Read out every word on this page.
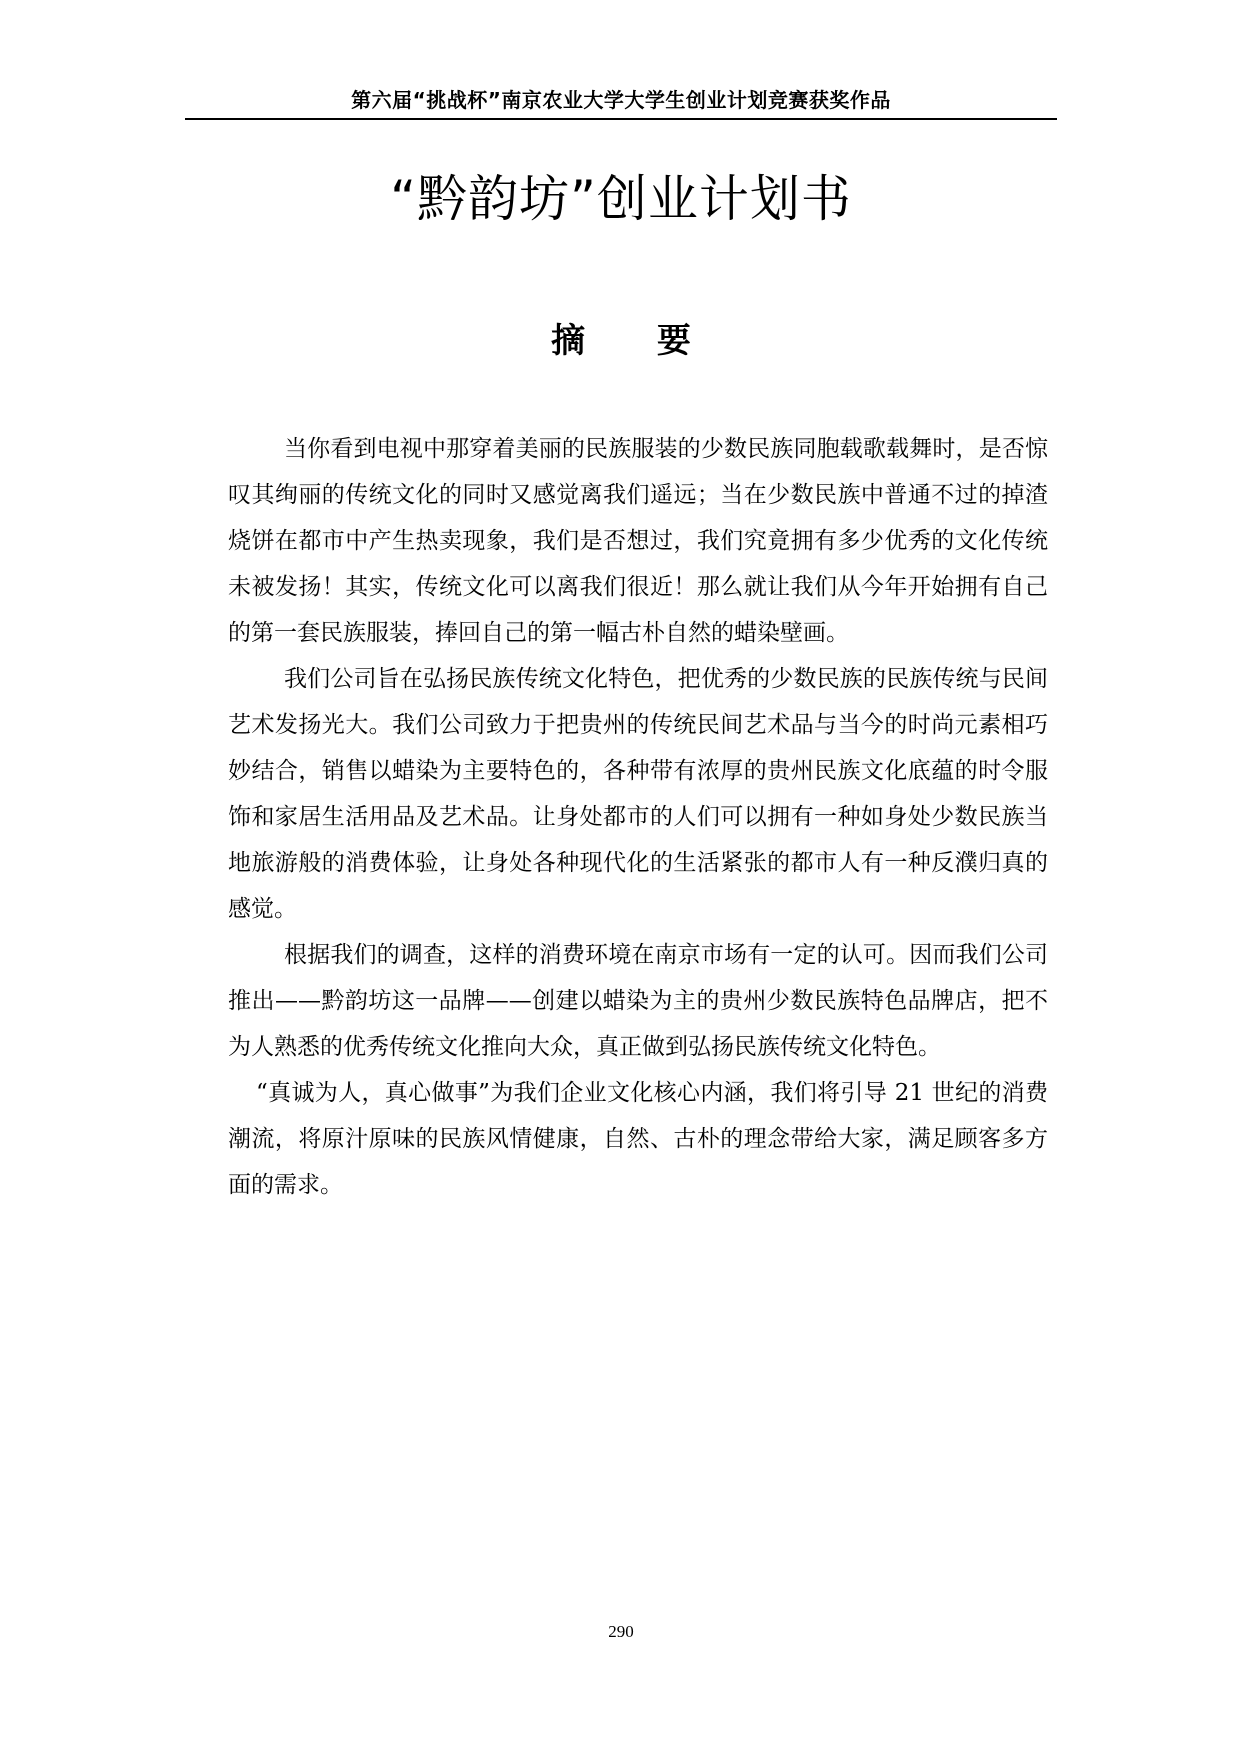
第六届“挑战杯”南京农业大学大学生创业计划竞赛获奖作品
“黔韵坊”创业计划书
摘 要

当你看到电视中那穿着美丽的民族服装的少数民族同胞载歌载舞时，是否惊叹其绚丽的传统文化的同时又感觉离我们遥远；当在少数民族中普通不过的掉渣烧饼在都市中产生热卖现象，我们是否想过，我们究竟拥有多少优秀的文化传统未被发扬！其实，传统文化可以离我们很近！那么就让我们从今年开始拥有自己的第一套民族服装，捧回自己的第一幅古朴自然的蜡染壁画。

我们公司旨在弘扬民族传统文化特色，把优秀的少数民族的民族传统与民间艺术发扬光大。我们公司致力于把贵州的传统民间艺术品与当今的时尚元素相巧妙结合，销售以蜡染为主要特色的，各种带有浓厚的贵州民族文化底蕴的时令服饰和家居生活用品及艺术品。让身处都市的人们可以拥有一种如身处少数民族当地旅游般的消费体验，让身处各种现代化的生活紧张的都市人有一种反濮归真的感觉。

根据我们的调查，这样的消费环境在南京市场有一定的认可。因而我们公司推出——黔韵坊这一品牌——创建以蜡染为主的贵州少数民族特色品牌店，把不为人熟悉的优秀传统文化推向大众，真正做到弘扬民族传统文化特色。

“真诚为人，真心做事”为我们企业文化核心内涵，我们将引导 21 世纪的消费潮流，将原汁原味的民族风情健康，自然、古朴的理念带给大家，满足顾客多方面的需求。

290
